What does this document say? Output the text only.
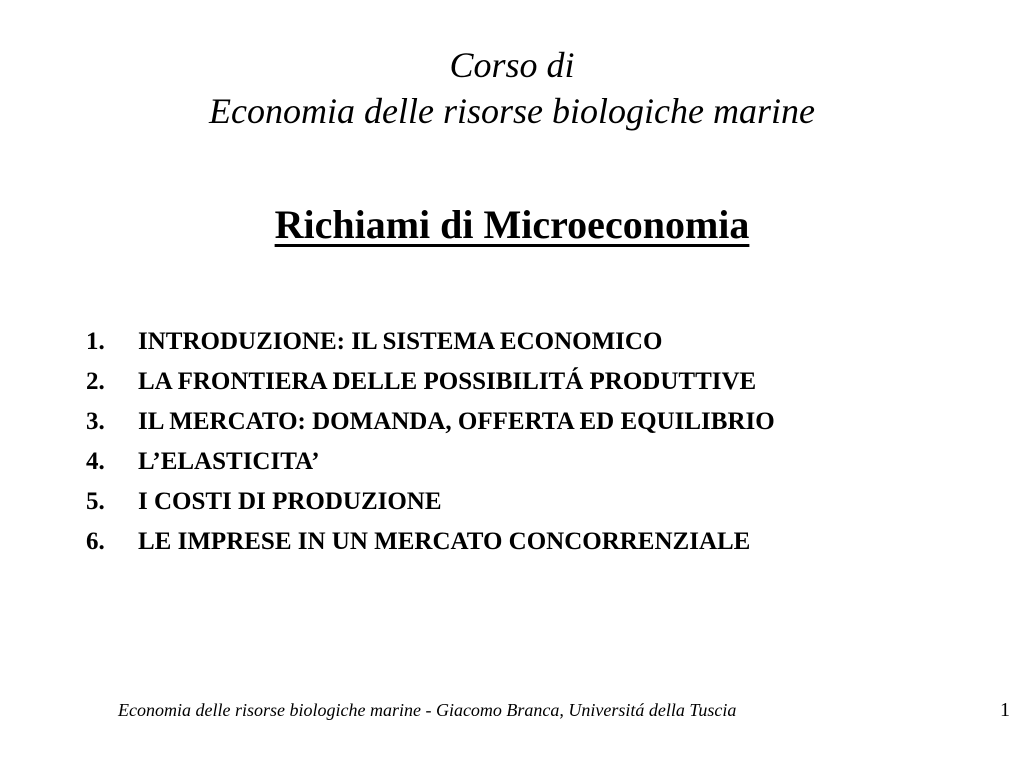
Corso di
Economia delle risorse biologiche marine
Richiami di Microeconomia
1.	INTRODUZIONE: IL SISTEMA ECONOMICO
2.	LA FRONTIERA DELLE POSSIBILITÁ PRODUTTIVE
3.	IL MERCATO: DOMANDA, OFFERTA ED EQUILIBRIO
4.	L’ELASTICITA’
5.	I COSTI DI PRODUZIONE
6.	LE IMPRESE IN UN MERCATO CONCORRENZIALE
Economia delle risorse biologiche marine - Giacomo Branca, Universitá della Tuscia	1
